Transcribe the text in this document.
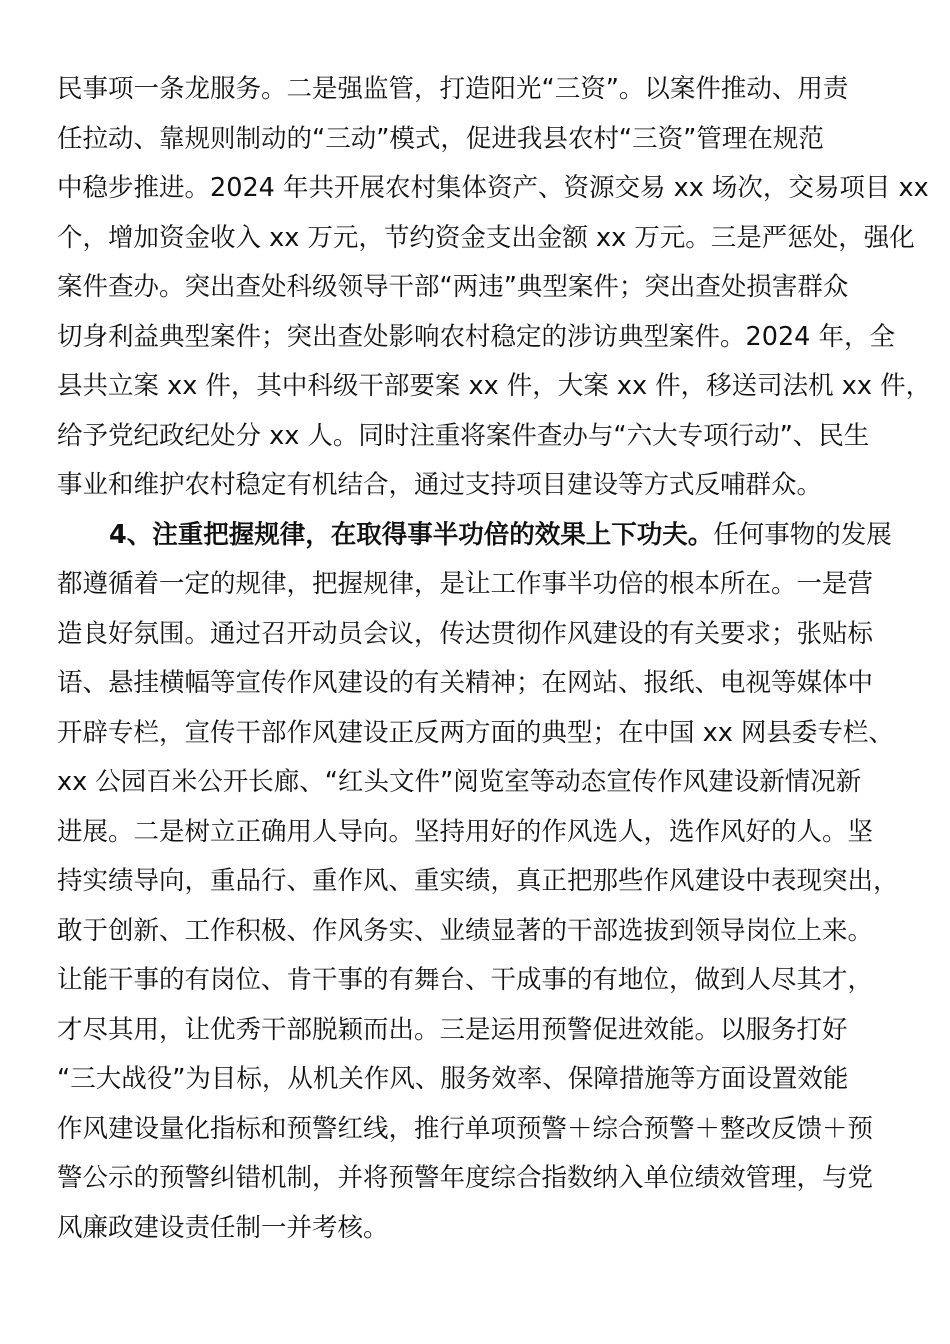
民事项一条龙服务。二是强监管，打造阳光“三资”。以案件推动、用责
任拉动、靠规则制动的“三动”模式，促进我县农村“三资”管理在规范
中稳步推进。2024 年共开展农村集体资产、资源交易 xx 场次，交易项目 xx
个，增加资金收入 xx 万元，节约资金支出金额 xx 万元。三是严惩处，强化
案件查办。突出查处科级领导干部“两违”典型案件；突出查处损害群众
切身利益典型案件；突出查处影响农村稳定的涉访典型案件。2024 年，全
县共立案 xx 件，其中科级干部要案 xx 件，大案 xx 件，移送司法机 xx 件，
给予党纪政纪处分 xx 人。同时注重将案件查办与“六大专项行动”、民生
事业和维护农村稳定有机结合，通过支持项目建设等方式反哺群众。
4、注重把握规律，在取得事半功倍的效果上下功夫。任何事物的发展
都遵循着一定的规律，把握规律，是让工作事半功倍的根本所在。一是营
造良好氛围。通过召开动员会议，传达贯彻作风建设的有关要求；张贴标
语、悬挂横幅等宣传作风建设的有关精神；在网站、报纸、电视等媒体中
开辟专栏，宣传干部作风建设正反两方面的典型；在中国 xx 网县委专栏、
xx 公园百米公开长廊、“红头文件”阅览室等动态宣传作风建设新情况新
进展。二是树立正确用人导向。坚持用好的作风选人，选作风好的人。坚
持实绩导向，重品行、重作风、重实绩，真正把那些作风建设中表现突出，
敢于创新、工作积极、作风务实、业绩显著的干部选拔到领导岗位上来。
让能干事的有岗位、肯干事的有舞台、干成事的有地位，做到人尽其才，
才尽其用，让优秀干部脱颖而出。三是运用预警促进效能。以服务打好
“三大战役”为目标，从机关作风、服务效率、保障措施等方面设置效能
作风建设量化指标和预警红线，推行单项预警＋综合预警＋整改反馈＋预
警公示的预警纠错机制，并将预警年度综合指数纳入单位绩效管理，与党
风廉政建设责任制一并考核。
